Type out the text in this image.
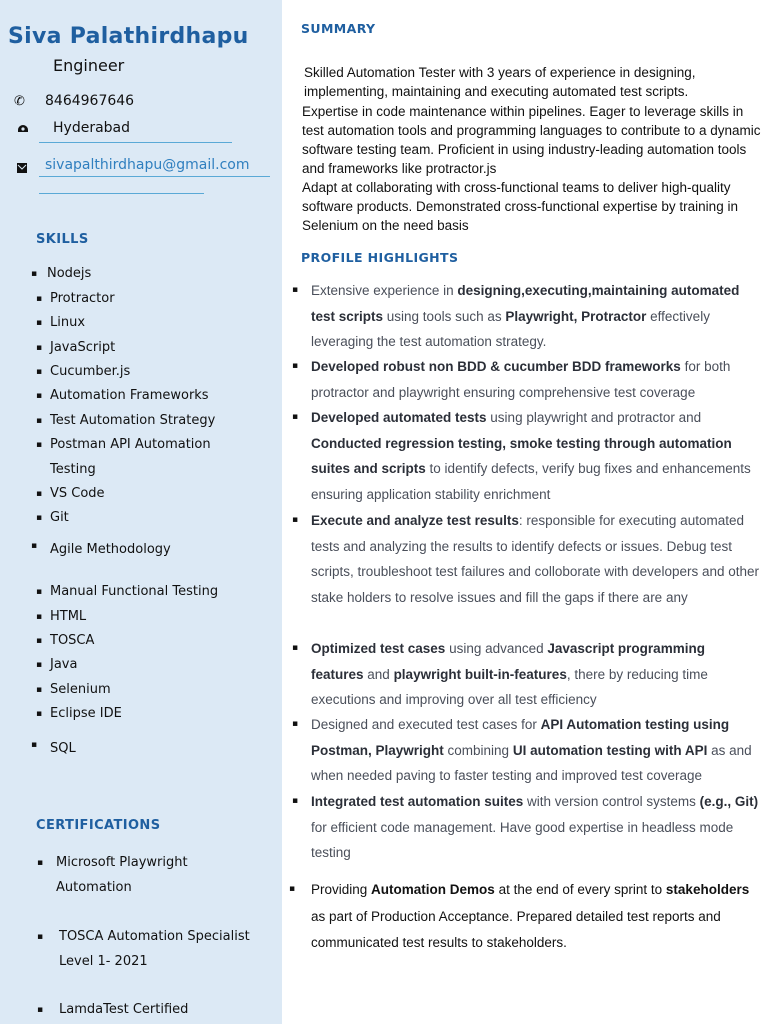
Siva Palathirdhapu
Engineer
✆ 8464967646
Hyderabad
sivapalthirdhapu@gmail.com
SKILLS
▪ Nodejs
▪ Protractor
▪ Linux
▪ JavaScript
▪ Cucumber.js
▪ Automation Frameworks
▪ Test Automation Strategy
▪ Postman API Automation
Testing
▪ VS Code
▪ Git
▪ Agile Methodology
▪ Manual Functional Testing
▪ HTML
▪ TOSCA
▪ Java
▪ Selenium
▪ Eclipse IDE
▪ SQL
CERTIFICATIONS
▪ Microsoft Playwright
Automation
▪ TOSCA Automation Specialist
Level 1- 2021
▪ LamdaTest Certified
SUMMARY
Skilled Automation Tester with 3 years of experience in designing, implementing, maintaining and executing automated test scripts.
Expertise in code maintenance within pipelines. Eager to leverage skills in test automation tools and programming languages to contribute to a dynamic software testing team. Proficient in using industry-leading automation tools and frameworks like protractor.js
Adapt at collaborating with cross-functional teams to deliver high-quality software products. Demonstrated cross-functional expertise by training in Selenium on the need basis
PROFILE HIGHLIGHTS
▪ Extensive experience in designing,executing,maintaining automated test scripts using tools such as Playwright, Protractor effectively leveraging the test automation strategy.
▪ Developed robust non BDD & cucumber BDD frameworks for both protractor and playwright ensuring comprehensive test coverage
▪ Developed automated tests using playwright and protractor and Conducted regression testing, smoke testing through automation suites and scripts to identify defects, verify bug fixes and enhancements ensuring application stability enrichment
▪ Execute and analyze test results: responsible for executing automated tests and analyzing the results to identify defects or issues. Debug test scripts, troubleshoot test failures and colloborate with developers and other stake holders to resolve issues and fill the gaps if there are any
▪ Optimized test cases using advanced Javascript programming features and playwright built-in-features, there by reducing time executions and improving over all test efficiency
▪ Designed and executed test cases for API Automation testing using Postman, Playwright combining UI automation testing with API as and when needed paving to faster testing and improved test coverage
▪ Integrated test automation suites with version control systems (e.g., Git) for efficient code management. Have good expertise in headless mode testing
▪ Providing Automation Demos at the end of every sprint to stakeholders as part of Production Acceptance. Prepared detailed test reports and communicated test results to stakeholders.
